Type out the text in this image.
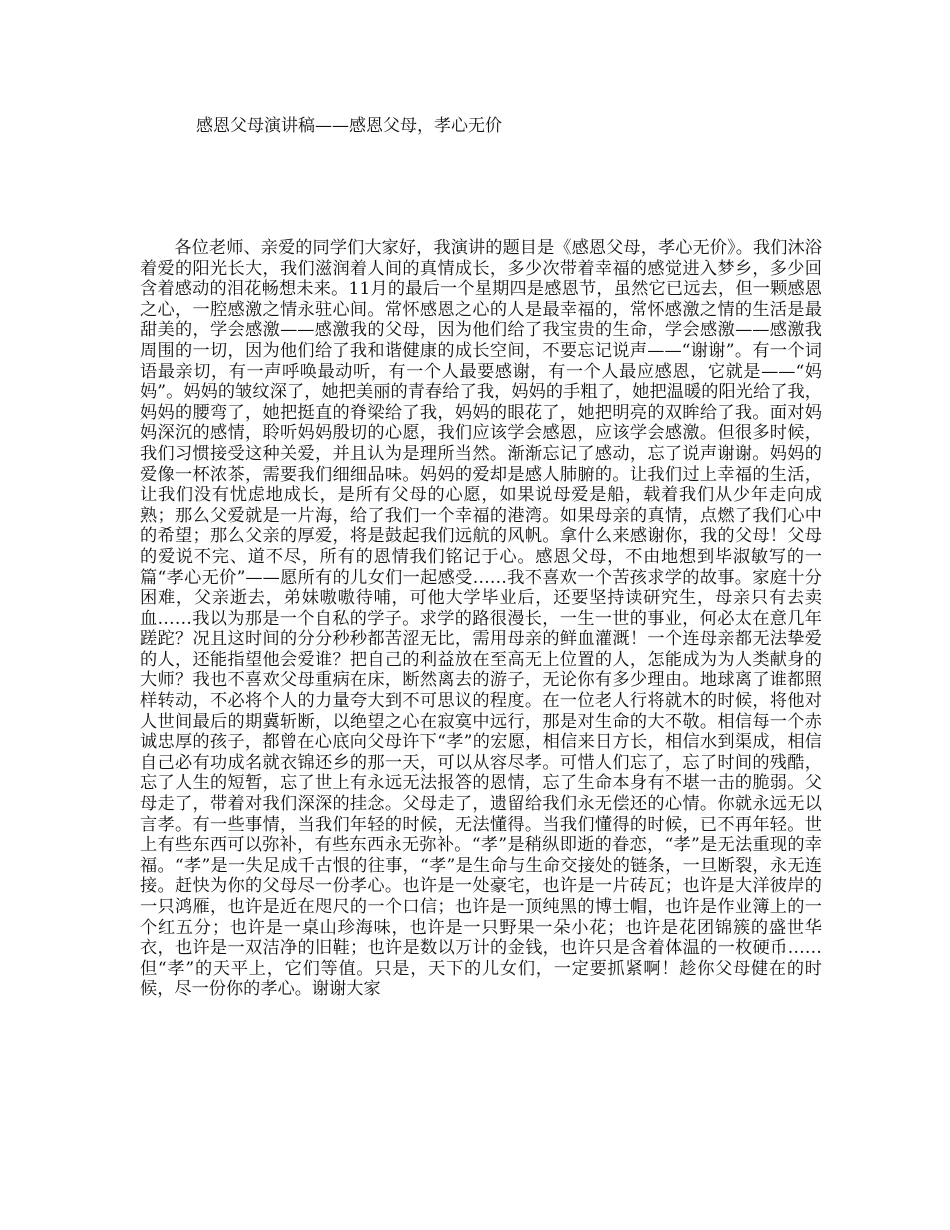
感恩父母演讲稿——感恩父母，孝心无价

各位老师、亲爱的同学们大家好，我演讲的题目是《感恩父母，孝心无价》。我们沐浴着爱的阳光长大，我们滋润着人间的真情成长，多少次带着幸福的感觉进入梦乡，多少回含着感动的泪花畅想未来。11月的最后一个星期四是感恩节，虽然它已远去，但一颗感恩之心，一腔感激之情永驻心间。常怀感恩之心的人是最幸福的，常怀感激之情的生活是最甜美的，学会感激——感激我的父母，因为他们给了我宝贵的生命，学会感激——感激我周围的一切，因为他们给了我和谐健康的成长空间，不要忘记说声——“谢谢”。有一个词语最亲切，有一声呼唤最动听，有一个人最要感谢，有一个人最应感恩，它就是——“妈妈”。妈妈的皱纹深了，她把美丽的青春给了我，妈妈的手粗了，她把温暖的阳光给了我，妈妈的腰弯了，她把挺直的脊梁给了我，妈妈的眼花了，她把明亮的双眸给了我。面对妈妈深沉的感情，聆听妈妈殷切的心愿，我们应该学会感恩，应该学会感激。但很多时候，我们习惯接受这种关爱，并且认为是理所当然。渐渐忘记了感动，忘了说声谢谢。妈妈的爱像一杯浓茶，需要我们细细品味。妈妈的爱却是感人肺腑的。让我们过上幸福的生活，让我们没有忧虑地成长，是所有父母的心愿，如果说母爱是船，载着我们从少年走向成熟；那么父爱就是一片海，给了我们一个幸福的港湾。如果母亲的真情，点燃了我们心中的希望；那么父亲的厚爱，将是鼓起我们远航的风帆。拿什么来感谢你，我的父母！父母的爱说不完、道不尽，所有的恩情我们铭记于心。感恩父母，不由地想到毕淑敏写的一篇“孝心无价”——愿所有的儿女们一起感受……我不喜欢一个苦孩求学的故事。家庭十分困难，父亲逝去，弟妹嗷嗷待哺，可他大学毕业后，还要坚持读研究生，母亲只有去卖血……我以为那是一个自私的学子。求学的路很漫长，一生一世的事业，何必太在意几年蹉跎？况且这时间的分分秒秒都苦涩无比，需用母亲的鲜血灌溉！一个连母亲都无法挚爱的人，还能指望他会爱谁？把自己的利益放在至高无上位置的人，怎能成为为人类献身的大师？我也不喜欢父母重病在床，断然离去的游子，无论你有多少理由。地球离了谁都照样转动，不必将个人的力量夸大到不可思议的程度。在一位老人行将就木的时候，将他对人世间最后的期冀斩断，以绝望之心在寂寞中远行，那是对生命的大不敬。相信每一个赤诚忠厚的孩子，都曾在心底向父母许下“孝”的宏愿，相信来日方长，相信水到渠成，相信自己必有功成名就衣锦还乡的那一天，可以从容尽孝。可惜人们忘了，忘了时间的残酷，忘了人生的短暂，忘了世上有永远无法报答的恩情，忘了生命本身有不堪一击的脆弱。父母走了，带着对我们深深的挂念。父母走了，遗留给我们永无偿还的心情。你就永远无以言孝。有一些事情，当我们年轻的时候，无法懂得。当我们懂得的时候，已不再年轻。世上有些东西可以弥补，有些东西永无弥补。“孝”是稍纵即逝的眷恋，“孝”是无法重现的幸福。“孝”是一失足成千古恨的往事，“孝”是生命与生命交接处的链条，一旦断裂，永无连接。赶快为你的父母尽一份孝心。也许是一处豪宅，也许是一片砖瓦；也许是大洋彼岸的一只鸿雁，也许是近在咫尺的一个口信；也许是一顶纯黑的博士帽，也许是作业簿上的一个红五分；也许是一桌山珍海味，也许是一只野果一朵小花；也许是花团锦簇的盛世华衣，也许是一双洁净的旧鞋；也许是数以万计的金钱，也许只是含着体温的一枚硬币……但“孝”的天平上，它们等值。只是，天下的儿女们，一定要抓紧啊！趁你父母健在的时候，尽一份你的孝心。谢谢大家
